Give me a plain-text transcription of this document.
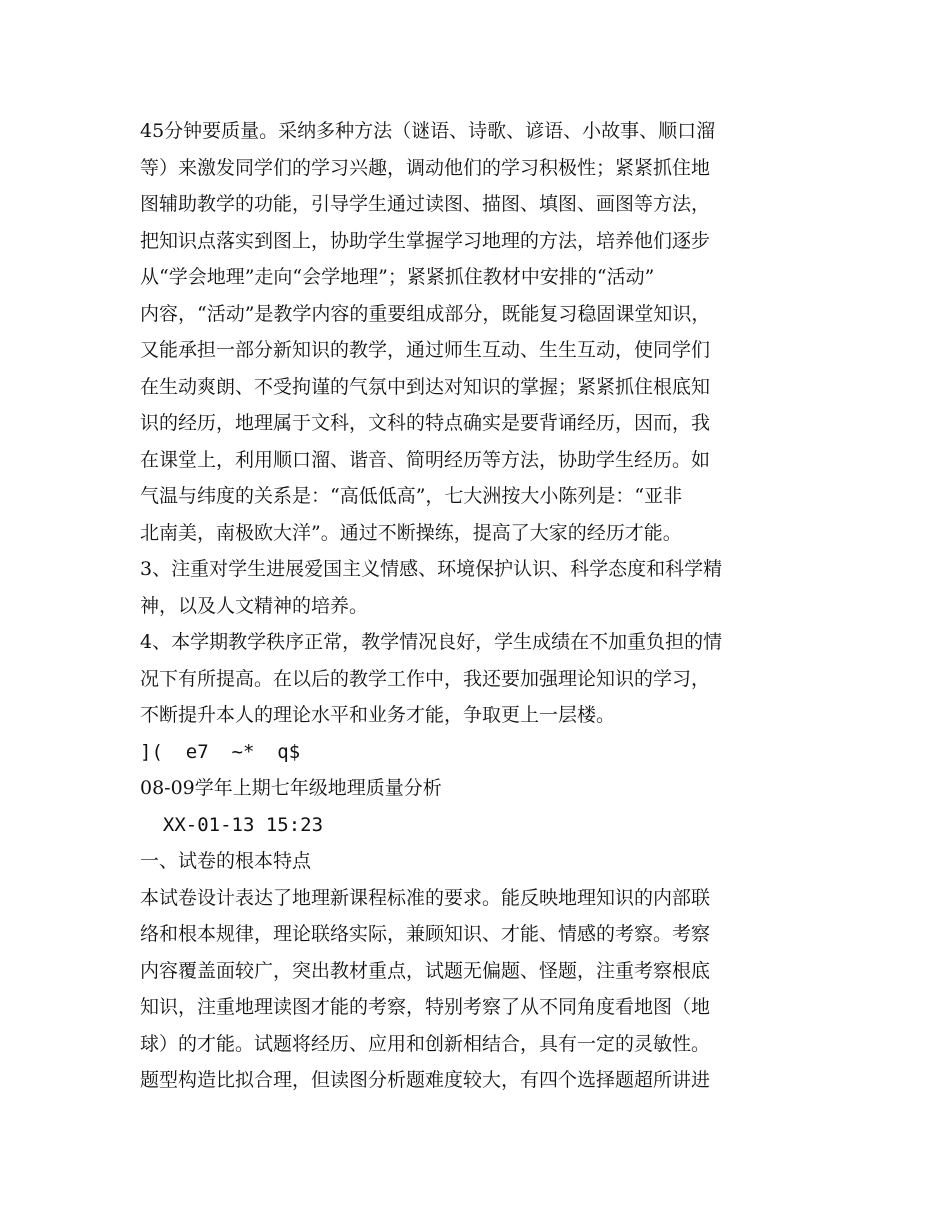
45分钟要质量。采纳多种方法（谜语、诗歌、谚语、小故事、顺口溜
等）来激发同学们的学习兴趣，调动他们的学习积极性；紧紧抓住地
图辅助教学的功能，引导学生通过读图、描图、填图、画图等方法，
把知识点落实到图上，协助学生掌握学习地理的方法，培养他们逐步
从“学会地理”走向“会学地理”；紧紧抓住教材中安排的“活动”
内容，“活动”是教学内容的重要组成部分，既能复习稳固课堂知识，
又能承担一部分新知识的教学，通过师生互动、生生互动，使同学们
在生动爽朗、不受拘谨的气氛中到达对知识的掌握；紧紧抓住根底知
识的经历，地理属于文科，文科的特点确实是要背诵经历，因而，我
在课堂上，利用顺口溜、谐音、简明经历等方法，协助学生经历。如
气温与纬度的关系是：“高低低高”，七大洲按大小陈列是：“亚非
北南美，南极欧大洋”。通过不断操练，提高了大家的经历才能。
3、注重对学生进展爱国主义情感、环境保护认识、科学态度和科学精
神，以及人文精神的培养。
4、本学期教学秩序正常，教学情况良好，学生成绩在不加重负担的情
况下有所提高。在以后的教学工作中，我还要加强理论知识的学习，
不断提升本人的理论水平和业务才能，争取更上一层楼。
](  e7  ~*  q$
08-09学年上期七年级地理质量分析
XX-01-13 15:23
一、试卷的根本特点
本试卷设计表达了地理新课程标准的要求。能反映地理知识的内部联
络和根本规律，理论联络实际，兼顾知识、才能、情感的考察。考察
内容覆盖面较广，突出教材重点，试题无偏题、怪题，注重考察根底
知识，注重地理读图才能的考察，特别考察了从不同角度看地图（地
球）的才能。试题将经历、应用和创新相结合，具有一定的灵敏性。
题型构造比拟合理，但读图分析题难度较大，有四个选择题超所讲进
